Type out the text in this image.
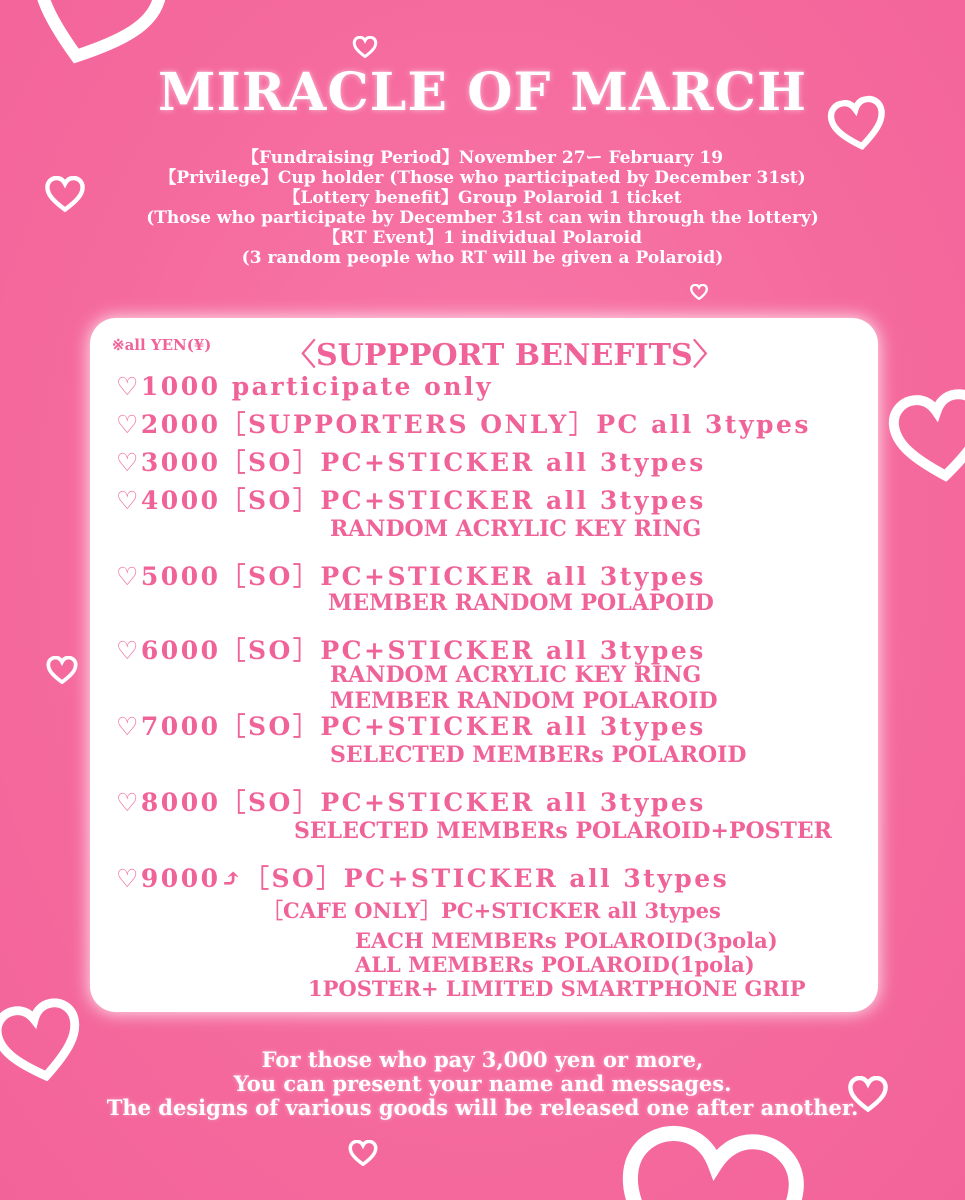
MIRACLE OF MARCH
【Fundraising Period】November 27ー February 19
【Privilege】Cup holder (Those who participated by December 31st)
【Lottery benefit】Group Polaroid 1 ticket
(Those who participate by December 31st can win through the lottery)
【RT Event】1 individual Polaroid
(3 random people who RT will be given a Polaroid)
※all YEN(¥) 〈SUPPPORT BENEFITS〉
♡1000 participate only
♡2000［SUPPORTERS ONLY］PC all 3types
♡3000［SO］PC+STICKER all 3types
♡4000［SO］PC+STICKER all 3types
RANDOM ACRYLIC KEY RING
♡5000［SO］PC+STICKER all 3types
MEMBER RANDOM POLAPOID
♡6000［SO］PC+STICKER all 3types
RANDOM ACRYLIC KEY RING
MEMBER RANDOM POLAROID
♡7000［SO］PC+STICKER all 3types
SELECTED MEMBERs POLAROID
♡8000［SO］PC+STICKER all 3types
SELECTED MEMBERs POLAROID+POSTER
♡9000⤴［SO］PC+STICKER all 3types
［CAFE ONLY］PC+STICKER all 3types
EACH MEMBERs POLAROID(3pola)
ALL MEMBERs POLAROID(1pola)
1POSTER+ LIMITED SMARTPHONE GRIP
For those who pay 3,000 yen or more,
You can present your name and messages.
The designs of various goods will be released one after another.
